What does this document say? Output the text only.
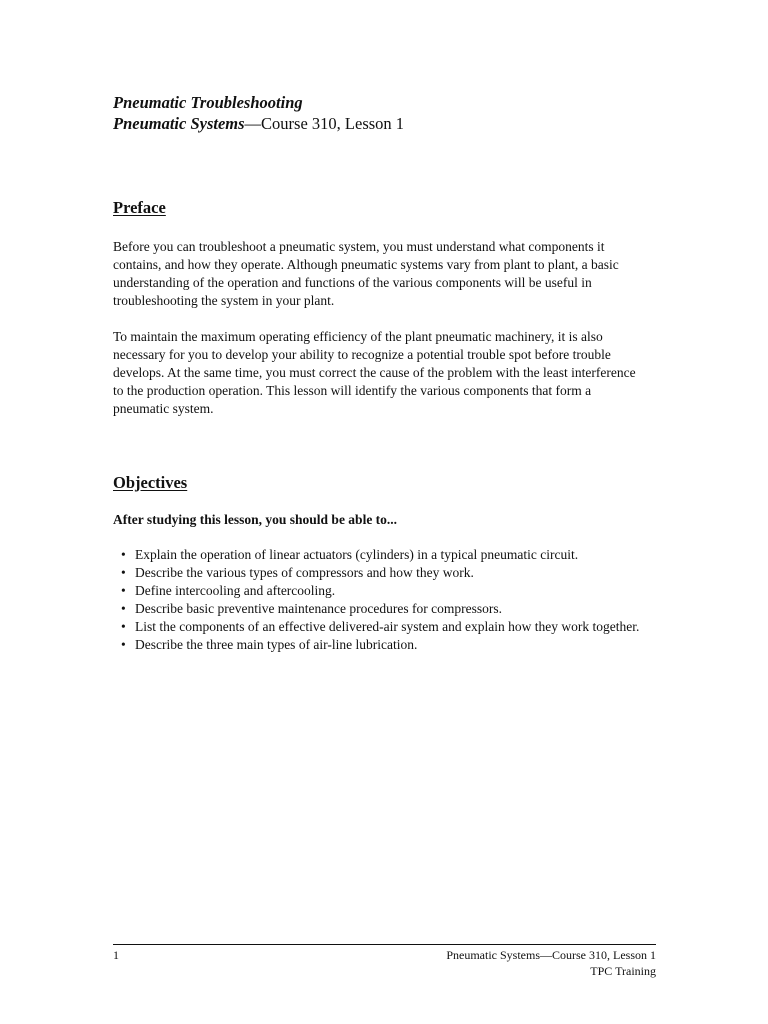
Pneumatic Troubleshooting
Pneumatic Systems—Course 310, Lesson 1
Preface

Before you can troubleshoot a pneumatic system, you must understand what components it contains, and how they operate. Although pneumatic systems vary from plant to plant, a basic understanding of the operation and functions of the various components will be useful in troubleshooting the system in your plant.

To maintain the maximum operating efficiency of the plant pneumatic machinery, it is also necessary for you to develop your ability to recognize a potential trouble spot before trouble develops. At the same time, you must correct the cause of the problem with the least interference to the production operation. This lesson will identify the various components that form a pneumatic system.

Objectives

After studying this lesson, you should be able to...

• Explain the operation of linear actuators (cylinders) in a typical pneumatic circuit.
• Describe the various types of compressors and how they work.
• Define intercooling and aftercooling.
• Describe basic preventive maintenance procedures for compressors.
• List the components of an effective delivered-air system and explain how they work together.
• Describe the three main types of air-line lubrication.
1	Pneumatic Systems—Course 310, Lesson 1
TPC Training
